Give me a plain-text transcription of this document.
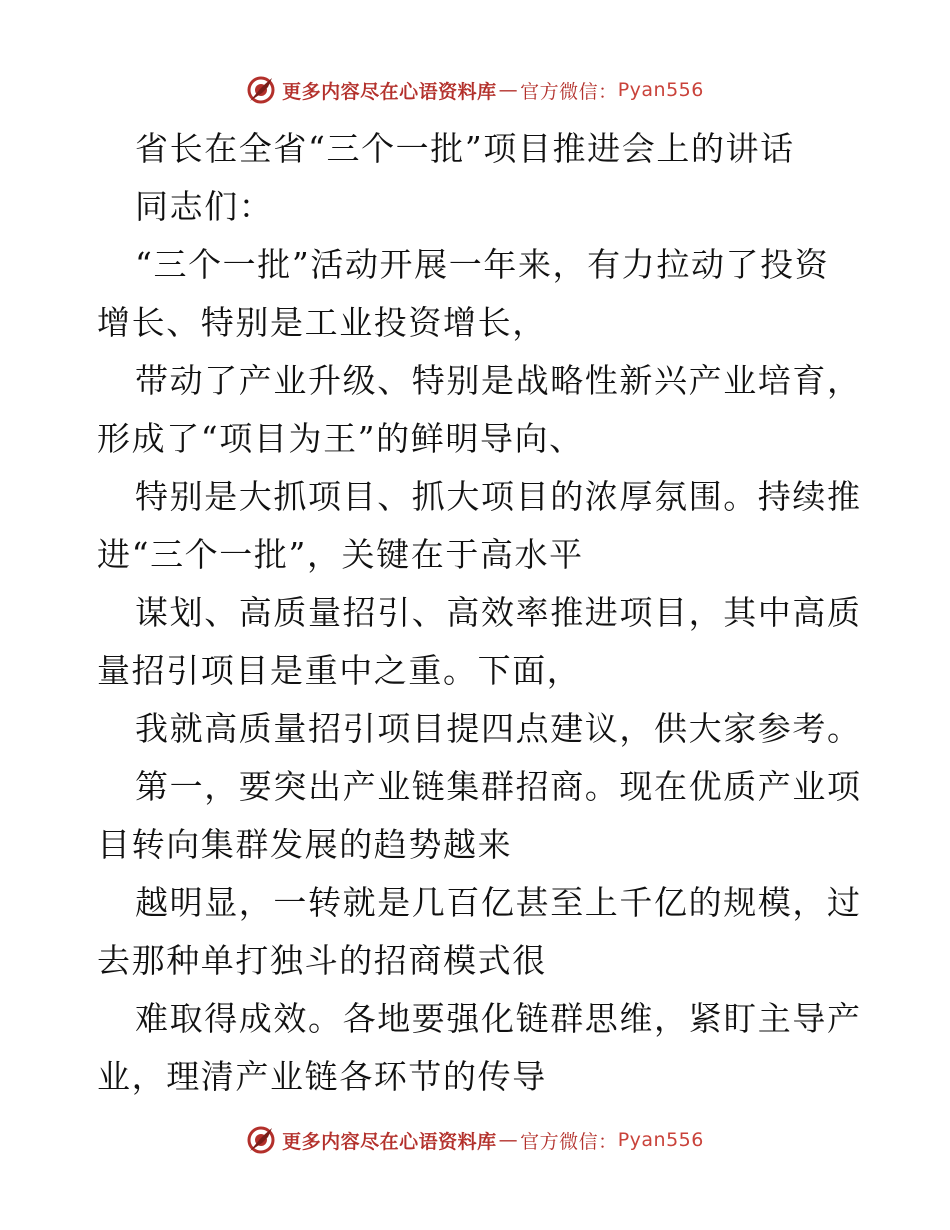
更多内容尽在心语资料库 — 官方微信： Pyan556
省长在全省“三个一批”项目推进会上的讲话
同志们：
“三个一批”活动开展一年来，有力拉动了投资
增长、特别是工业投资增长，
带动了产业升级、特别是战略性新兴产业培育，
形成了“项目为王”的鲜明导向、
特别是大抓项目、抓大项目的浓厚氛围。持续推
进“三个一批”，关键在于高水平
谋划、高质量招引、高效率推进项目，其中高质
量招引项目是重中之重。下面，
我就高质量招引项目提四点建议，供大家参考。
第一，要突出产业链集群招商。现在优质产业项
目转向集群发展的趋势越来
越明显，一转就是几百亿甚至上千亿的规模，过
去那种单打独斗的招商模式很
难取得成效。各地要强化链群思维，紧盯主导产
业，理清产业链各环节的传导
更多内容尽在心语资料库 — 官方微信： Pyan556
